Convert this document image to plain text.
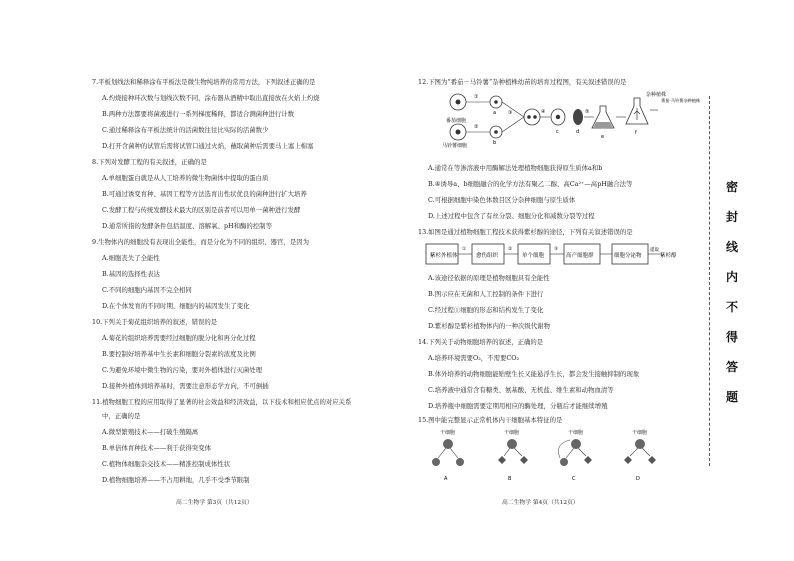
7.平板划线法和稀释涂布平板法是微生物纯培养的常用方法，下列叙述正确的是
A.灼烧接种环次数与划线次数不同，涂布器从酒精中取出直接放在火焰上灼烧
B.两种方法都要将菌液进行一系列梯度稀释，都适合测菌种进行计数
C.通过稀释涂布平板法统计的活菌数往往比实际的活菌数少
D.打开含菌种的试管后需将试管口通过火焰，蘸取菌种后需要马上塞上棉塞
8.下列对发酵工程的有关叙述，正确的是
A.单细胞蛋白就是从人工培养的微生物菌体中提取的蛋白质
B.可通过诱变育种、基因工程等方法选育出性状优良的菌种进行扩大培养
C.发酵工程与传统发酵技术最大的区别是前者可以用单一菌种进行发酵
D.通常所指的发酵条件包括温度、溶解氧、pH和酶的控制等
9.生物体内的细胞没有表现出全能性，而是分化为不同的组织、器官，是因为
A.细胞丧失了全能性
B.基因的选择性表达
C.不同的细胞内基因不完全相同
D.在个体发育的不同时期，细胞内的基因发生了变化
10.下列关于菊花组织培养的叙述，错误的是
A.菊花的组织培养需要经过细胞的脱分化和再分化过程
B.要控制好培养基中生长素和细胞分裂素的浓度及比例
C.为避免环境中微生物的污染，要对外植体进行灭菌处理
D.接种外植体到培养基时，需要注意形态学方向，不可倒插
11.植物细胞工程的应用取得了显著的社会效益和经济效益，以下技术和相应优点的对应关系
中，正确的是
A.微型繁殖技术——打破生殖隔离
B.单倍体育种技术——利于获得突变体
C.植物体细胞杂交技术——精准控制成体性状
D.植物细胞培养——不占用耕地，几乎不受季节限制
高二生物学 第3页（共12页）
12.下图为“番茄－马铃薯”杂种植株幼苗的培育过程图，有关叙述错误的是
番茄细胞
马铃薯细胞
①
②
a
b
③	④
c	d
⑤
e
f
杂种植株
番茄-马铃薯杂种植株
A.通常在等渗溶液中用酶解法处理植物细胞获得原生质体a和b
B.④诱导a、b细胞融合的化学方法有聚乙二醇、高Ca²⁺—高pH融合法等
C.可根据细胞中染色体数目区分杂种细胞与原生质体
D.上述过程中包含了有丝分裂、细胞分化和减数分裂等过程
13.如图是通过植物细胞工程技术获得紫杉醇的途径，下列有关叙述错误的是
紫杉外植体
①
愈伤组织
②
单个细胞
③
高产细胞群	细胞分泌物
提取
紫杉醇
A.该途径依据的原理是植物细胞具有全能性
B.图示应在无菌和人工控制的条件下进行
C.经过程①细胞的形态和结构发生了变化
D.紫杉醇是紫杉植物体内的一种次级代谢物
14.下列关于动物细胞培养的叙述，正确的是
A.培养环境需要O₂，不需要CO₂
B.体外培养的动物细胞能贴壁生长又能悬浮生长，都会发生接触抑制的现象
C.培养液中通常含有糖类、氨基酸、无机盐、维生素和动物血清等
D.培养瓶中细胞需要定期用相应的酶处理，分瓶后才能继续增殖
15.图中能完整显示正常机体内干细胞基本特征的是
干细胞
A
干细胞
B
干细胞
C
干细胞
D
高二生物学 第4页（共12页）
密
封
线
内
不
得
答
题
